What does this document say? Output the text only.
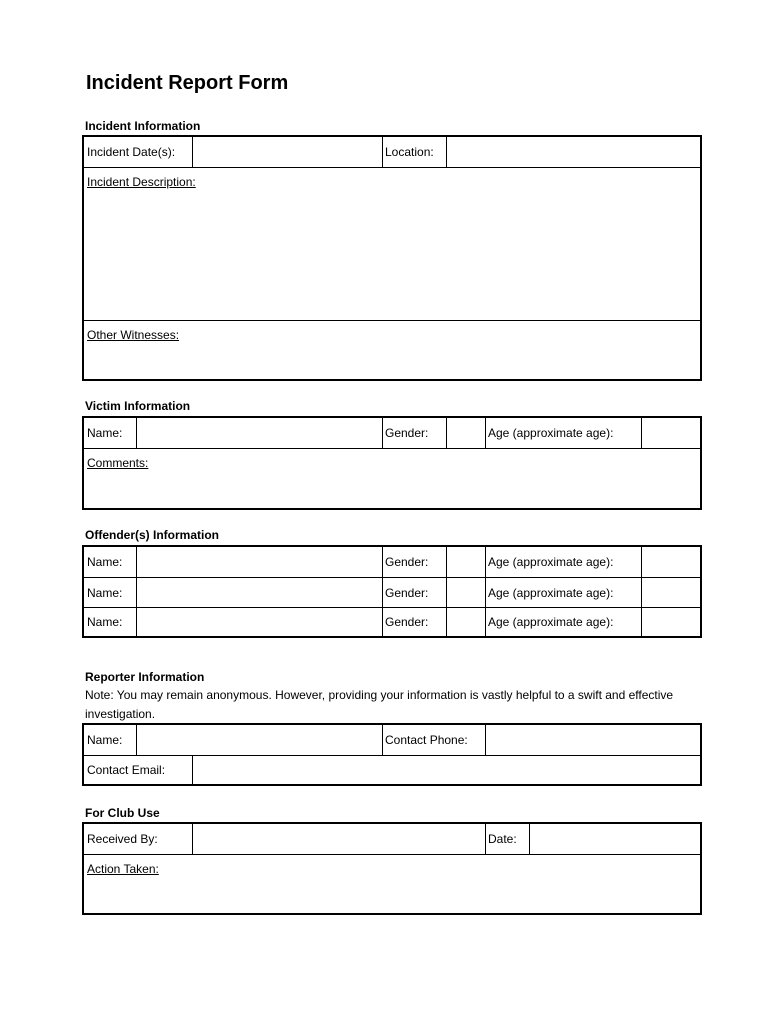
Incident Report Form
Incident Information
Incident Date(s):	Location:
Incident Description:
Other Witnesses:
Victim Information
Name:	Gender:	Age (approximate age):
Comments:
Offender(s) Information
Name:	Gender:	Age (approximate age):
Name:	Gender:	Age (approximate age):
Name:	Gender:	Age (approximate age):
Reporter Information
Note: You may remain anonymous. However, providing your information is vastly helpful to a swift and effective investigation.
Name:	Contact Phone:
Contact Email:
For Club Use
Received By:	Date:
Action Taken:
